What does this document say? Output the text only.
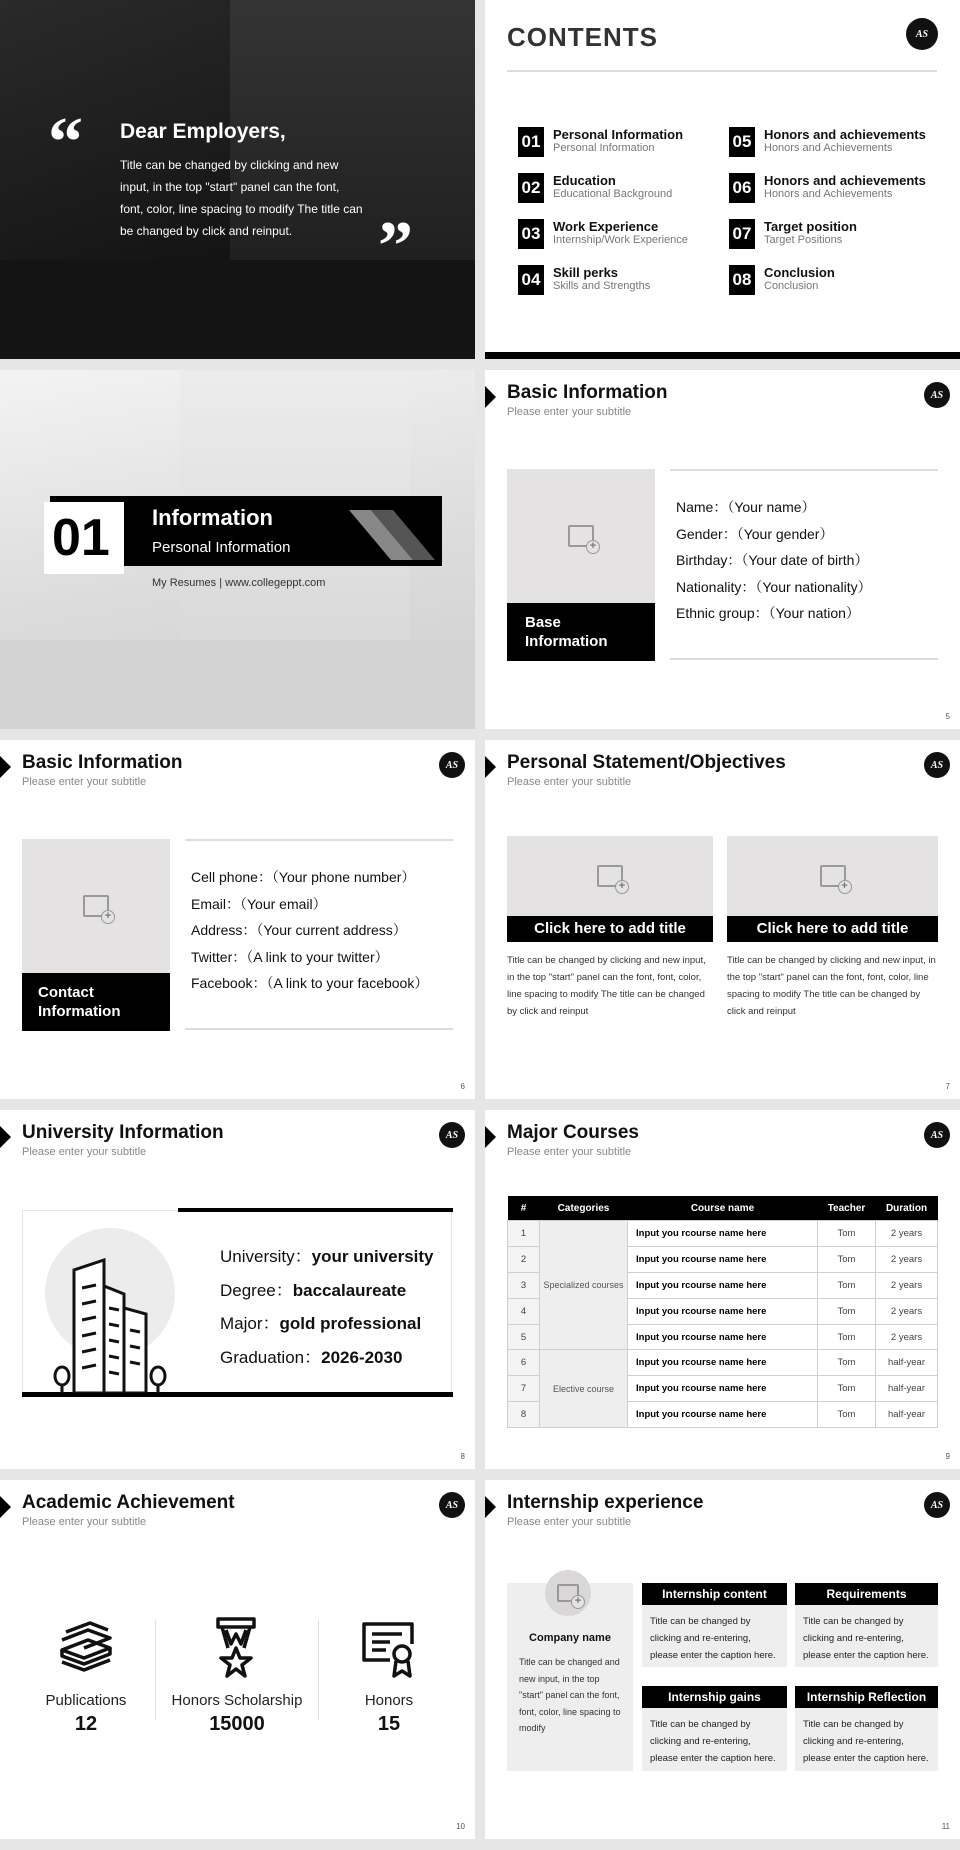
“ Dear Employers,
Title can be changed by clicking and new input, in the top "start" panel can the font, font, color, line spacing to modify The title can be changed by click and reinput.	”
CONTENTS	AS
01 Personal Information
Personal Information
02 Education
Educational Background
03 Work Experience
Internship/Work Experience
04 Skill perks
Skills and Strengths
05 Honors and achievements
Honors and Achievements
06 Honors and achievements
Honors and Achievements
07 Target position
Target Positions
08 Conclusion
Conclusion
01 Information
Personal Information
My Resumes | www.collegeppt.com
Basic Information
Please enter your subtitle
AS
+
Base Information
Name：（Your name）
Gender：（Your gender）
Birthday：（Your date of birth）
Nationality：（Your nationality）
Ethnic group：（Your nation）
5
Basic Information
Please enter your subtitle
AS
+
Contact Information
Cell phone：（Your phone number）
Email：（Your email）
Address：（Your current address）
Twitter：（A link to your twitter）
Facebook：（A link to your facebook）
6
Personal Statement/Objectives
Please enter your subtitle
AS
+
Click here to add title
Title can be changed by clicking and new input, in the top "start" panel can the font, font, color, line spacing to modify The title can be changed by click and reinput
+
Click here to add title
Title can be changed by clicking and new input, in the top "start" panel can the font, font, color, line spacing to modify The title can be changed by click and reinput
7
University Information
Please enter your subtitle
AS
University：your university
Degree：baccalaureate
Major：gold professional
Graduation：2026-2030
8
Major Courses
Please enter your subtitle
AS
#	Categories	Course name	Teacher	Duration
1	Specialized courses	Input you rcourse name here	Tom	2 years
2		Input you rcourse name here	Tom	2 years
3		Input you rcourse name here	Tom	2 years
4		Input you rcourse name here	Tom	2 years
5		Input you rcourse name here	Tom	2 years
6	Elective course	Input you rcourse name here	Tom	half-year
7		Input you rcourse name here	Tom	half-year
8		Input you rcourse name here	Tom	half-year
9
Academic Achievement
Please enter your subtitle
AS
Publications
12
Honors Scholarship
15000
Honors
15
10
Internship experience
Please enter your subtitle
AS
+
Company name
Title can be changed and new input, in the top "start" panel can the font, font, color, line spacing to modify
Internship content
Title can be changed by clicking and re-entering, please enter the caption here.
Requirements
Title can be changed by clicking and re-entering, please enter the caption here.
Internship gains
Title can be changed by clicking and re-entering, please enter the caption here.
Internship Reflection
Title can be changed by clicking and re-entering, please enter the caption here.
11
